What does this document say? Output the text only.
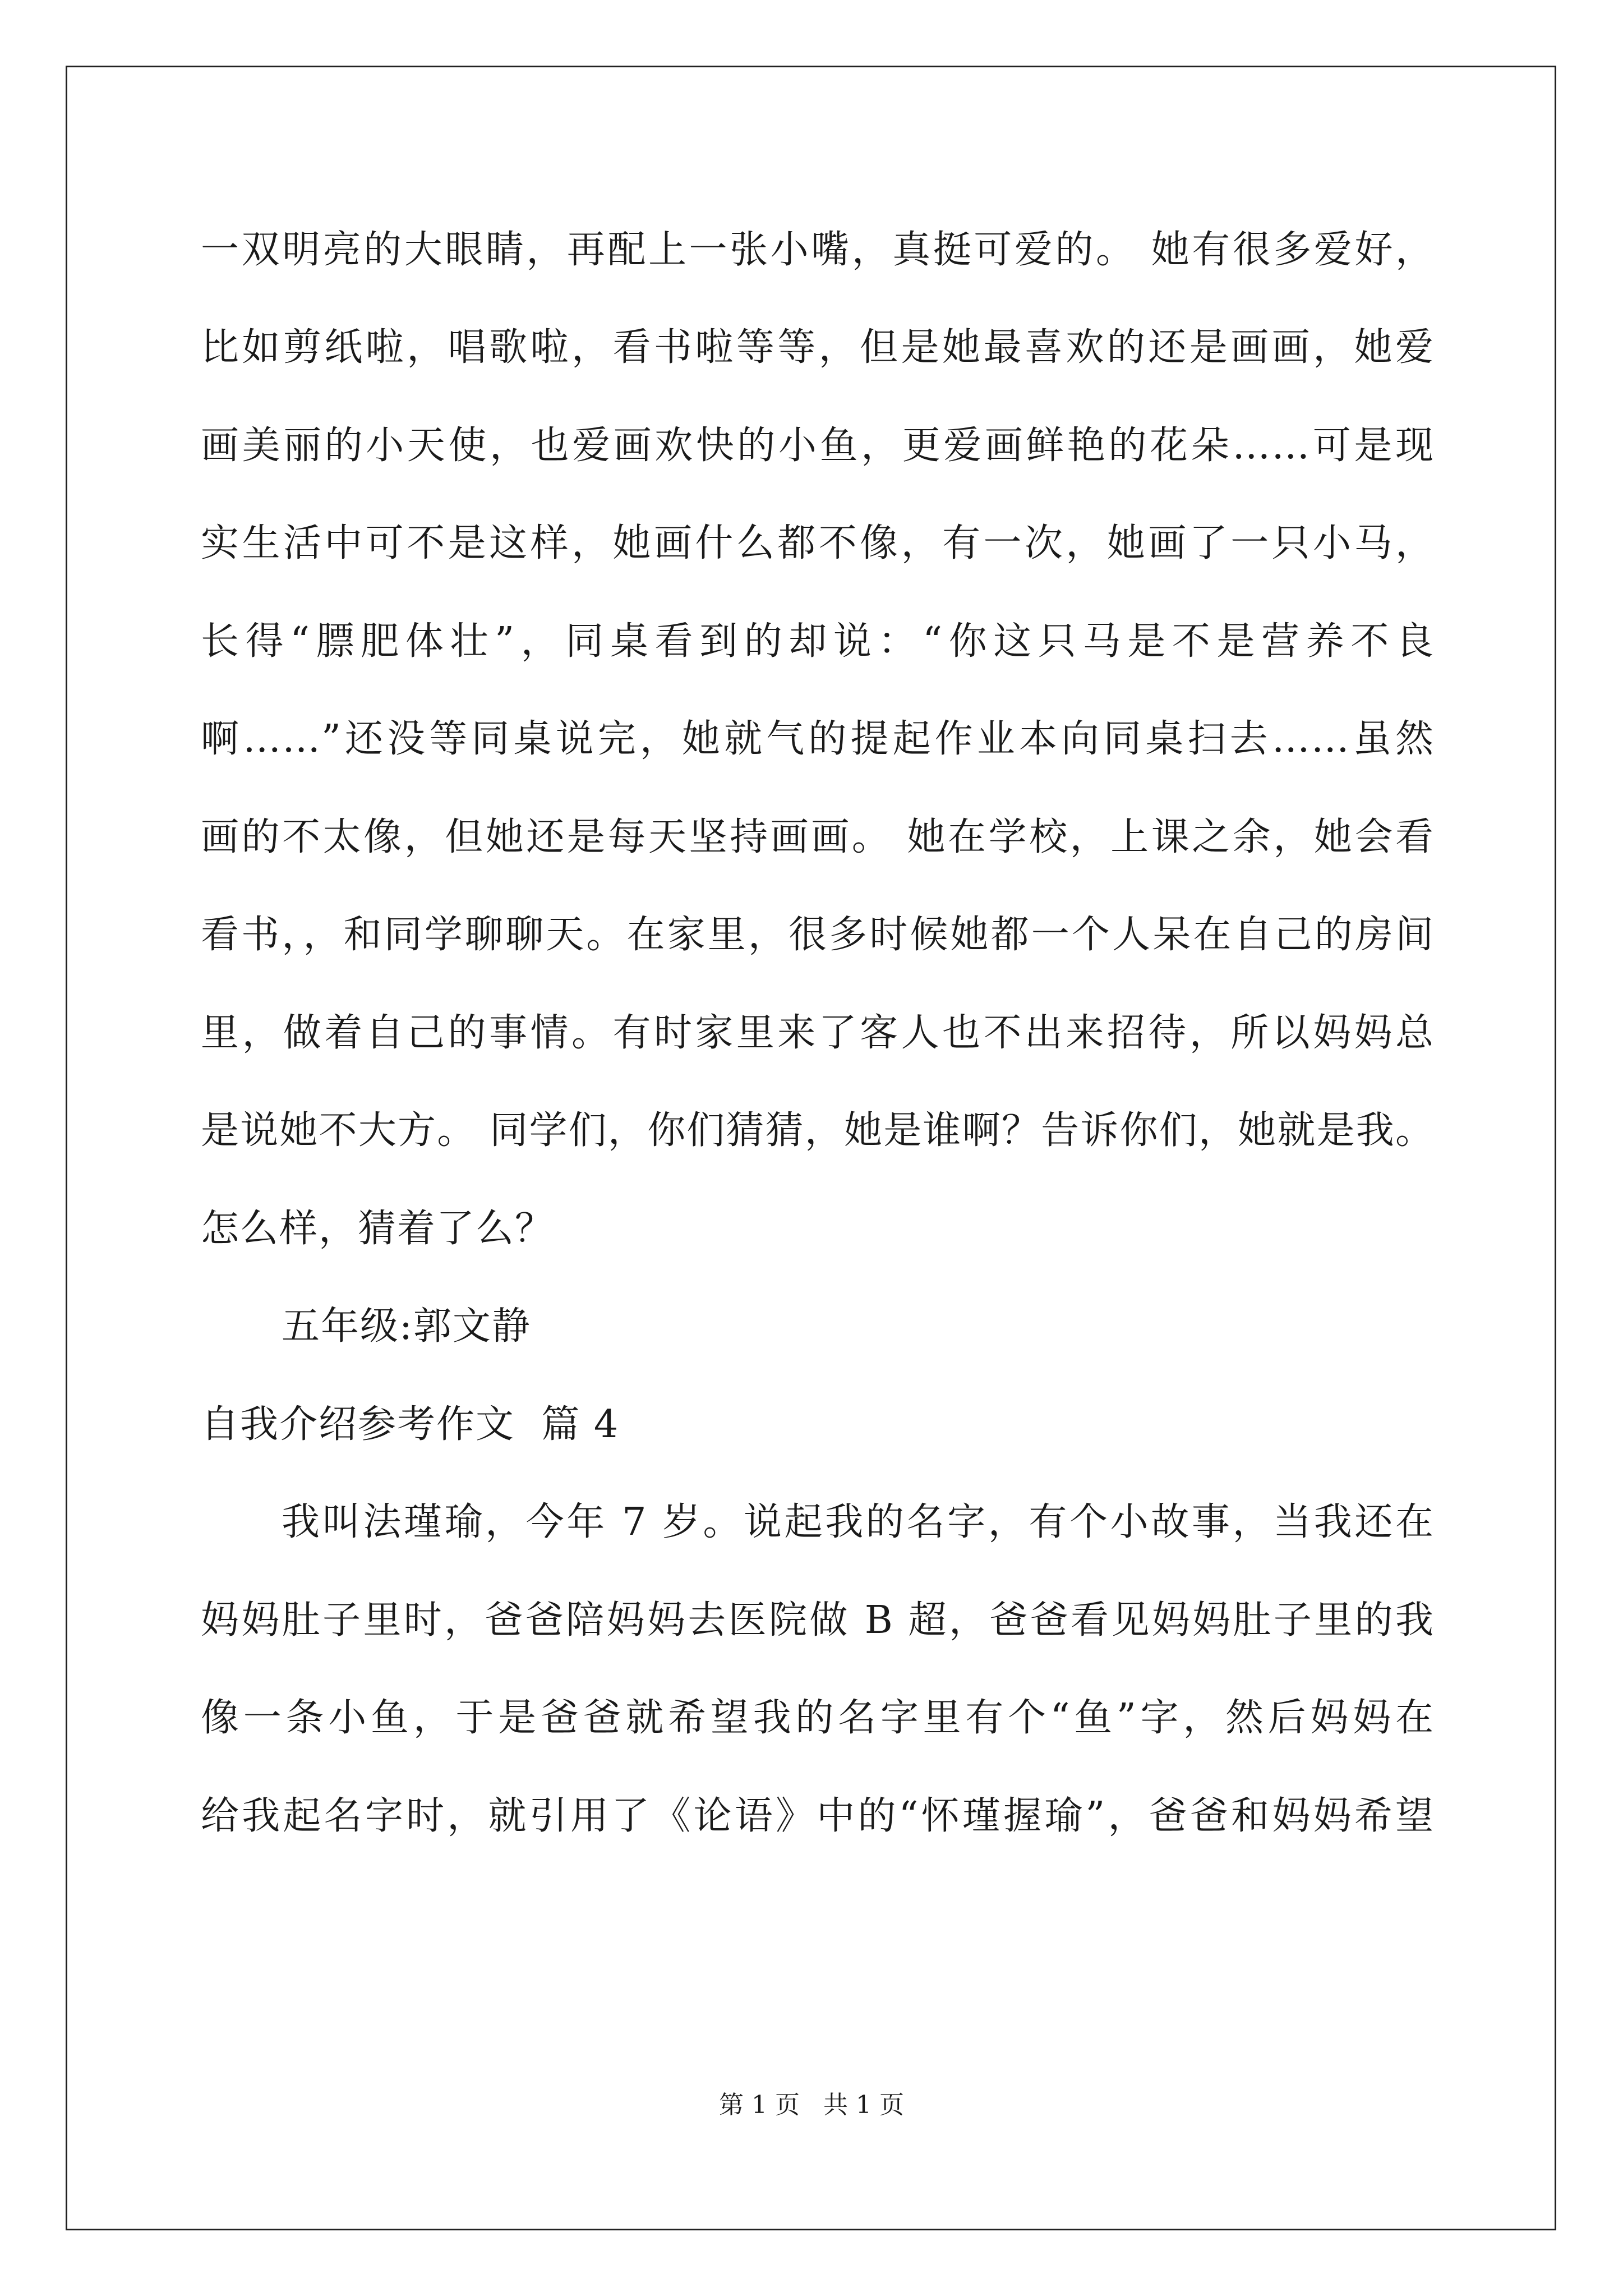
一双明亮的大眼睛，再配上一张小嘴，真挺可爱的。 她有很多爱好，
比如剪纸啦，唱歌啦，看书啦等等，但是她最喜欢的还是画画，她爱
画美丽的小天使，也爱画欢快的小鱼，更爱画鲜艳的花朵……可是现
实生活中可不是这样，她画什么都不像，有一次，她画了一只小马，
长得“膘肥体壮”，同桌看到的却说：“你这只马是不是营养不良
啊……”还没等同桌说完，她就气的提起作业本向同桌扫去……虽然
画的不太像，但她还是每天坚持画画。 她在学校，上课之余，她会看
看书，，和同学聊聊天。在家里，很多时候她都一个人呆在自己的房间
里，做着自己的事情。有时家里来了客人也不出来招待，所以妈妈总
是说她不大方。 同学们，你们猜猜，她是谁啊？告诉你们，她就是我。
怎么样，猜着了么？
五年级:郭文静
自我介绍参考作文  篇 4
我叫法瑾瑜，今年 7 岁。说起我的名字，有个小故事，当我还在
妈妈肚子里时，爸爸陪妈妈去医院做 B 超，爸爸看见妈妈肚子里的我
像一条小鱼，于是爸爸就希望我的名字里有个“鱼”字，然后妈妈在
给我起名字时，就引用了《论语》中的“怀瑾握瑜”，爸爸和妈妈希望
第 1 页   共 1 页
